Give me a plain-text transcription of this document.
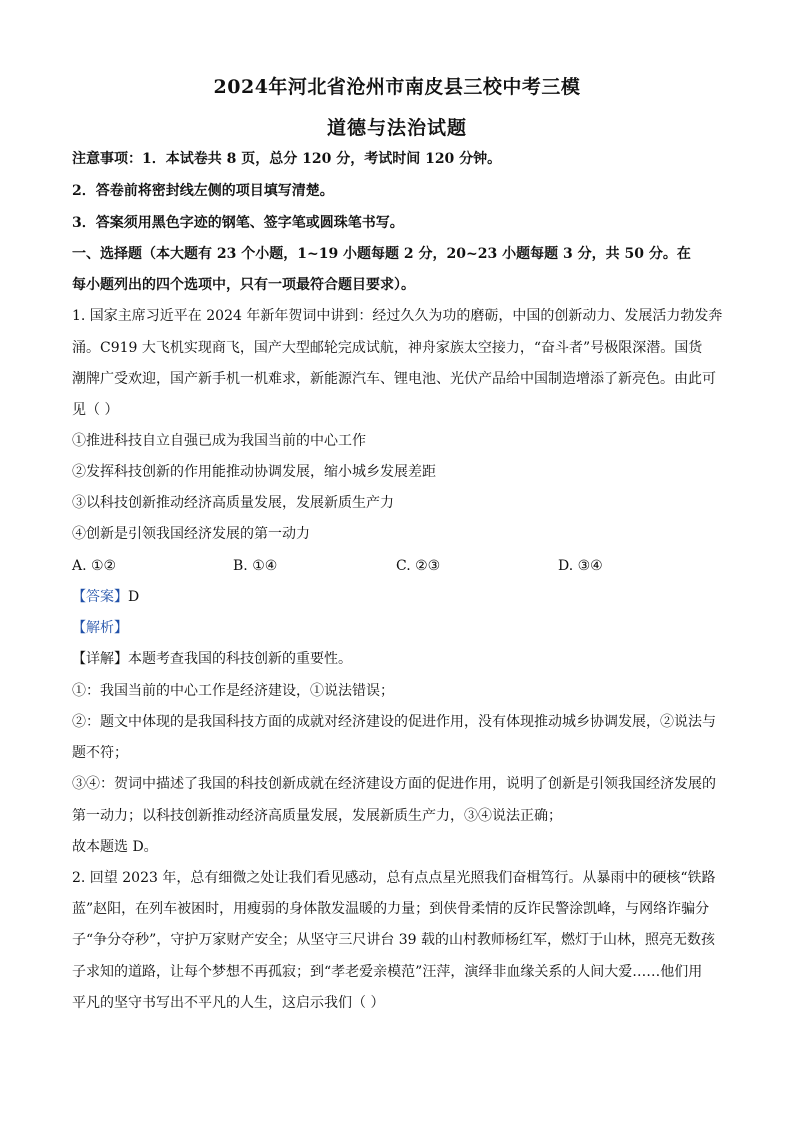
2024年河北省沧州市南皮县三校中考三模
道德与法治试题
注意事项：1．本试卷共 8 页，总分 120 分，考试时间 120 分钟。
2．答卷前将密封线左侧的项目填写清楚。
3．答案须用黑色字迹的钢笔、签字笔或圆珠笔书写。
一、选择题（本大题有 23 个小题，1~19 小题每题 2 分，20~23 小题每题 3 分，共 50 分。在
每小题列出的四个选项中，只有一项最符合题目要求）。
1. 国家主席习近平在 2024 年新年贺词中讲到：经过久久为功的磨砺，中国的创新动力、发展活力勃发奔
涌。C919 大飞机实现商飞，国产大型邮轮完成试航，神舟家族太空接力，“奋斗者”号极限深潜。国货
潮牌广受欢迎，国产新手机一机难求，新能源汽车、锂电池、光伏产品给中国制造增添了新亮色。由此可
见（ ）
①推进科技自立自强已成为我国当前的中心工作
②发挥科技创新的作用能推动协调发展，缩小城乡发展差距
③以科技创新推动经济高质量发展，发展新质生产力
④创新是引领我国经济发展的第一动力
A. ①②	B. ①④	C. ②③	D. ③④
【答案】D
【解析】
【详解】本题考查我国的科技创新的重要性。
①：我国当前的中心工作是经济建设，①说法错误；
②：题文中体现的是我国科技方面的成就对经济建设的促进作用，没有体现推动城乡协调发展，②说法与
题不符；
③④：贺词中描述了我国的科技创新成就在经济建设方面的促进作用，说明了创新是引领我国经济发展的
第一动力；以科技创新推动经济高质量发展，发展新质生产力，③④说法正确；
故本题选 D。
2. 回望 2023 年，总有细微之处让我们看见感动，总有点点星光照我们奋楫笃行。从暴雨中的硬核“铁路
蓝”赵阳，在列车被困时，用瘦弱的身体散发温暖的力量；到侠骨柔情的反诈民警涂凯峰，与网络诈骗分
子“争分夺秒”，守护万家财产安全；从坚守三尺讲台 39 载的山村教师杨红军，燃灯于山林，照亮无数孩
子求知的道路，让每个梦想不再孤寂；到“孝老爱亲模范”汪萍，演绎非血缘关系的人间大爱……他们用
平凡的坚守书写出不平凡的人生，这启示我们（ ）
